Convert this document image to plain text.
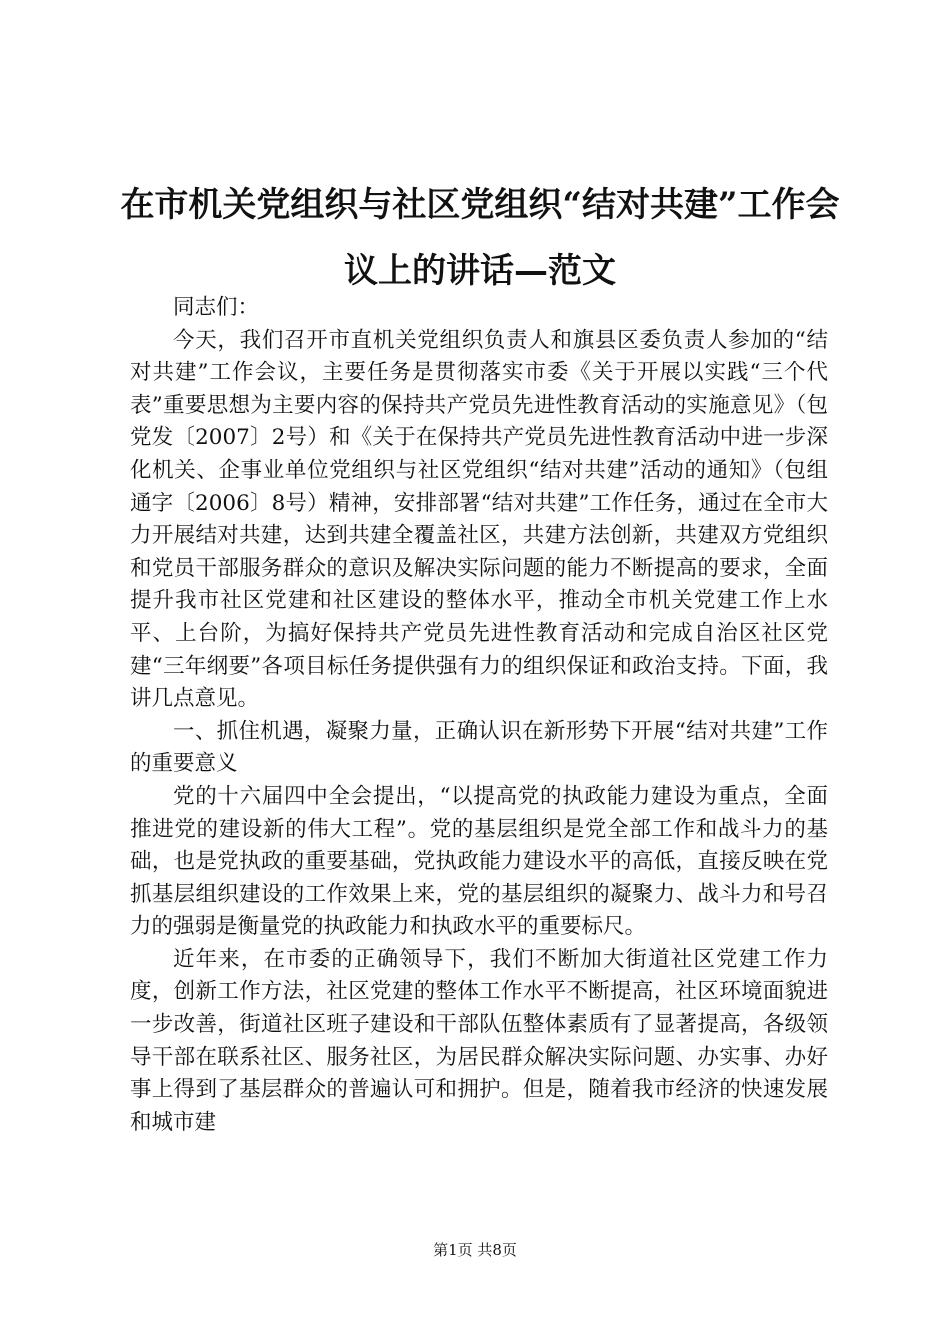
在市机关党组织与社区党组织“结对共建”工作会议上的讲话—范文

同志们：

今天，我们召开市直机关党组织负责人和旗县区委负责人参加的“结对共建”工作会议，主要任务是贯彻落实市委《关于开展以实践“三个代表”重要思想为主要内容的保持共产党员先进性教育活动的实施意见》（包党发〔2007〕2号）和《关于在保持共产党员先进性教育活动中进一步深化机关、企事业单位党组织与社区党组织“结对共建”活动的通知》（包组通字〔2006〕8号）精神，安排部署“结对共建”工作任务，通过在全市大力开展结对共建，达到共建全覆盖社区，共建方法创新，共建双方党组织和党员干部服务群众的意识及解决实际问题的能力不断提高的要求，全面提升我市社区党建和社区建设的整体水平，推动全市机关党建工作上水平、上台阶，为搞好保持共产党员先进性教育活动和完成自治区社区党建“三年纲要”各项目标任务提供强有力的组织保证和政治支持。下面，我讲几点意见。

一、抓住机遇，凝聚力量，正确认识在新形势下开展“结对共建”工作的重要意义

党的十六届四中全会提出，“以提高党的执政能力建设为重点，全面推进党的建设新的伟大工程”。党的基层组织是党全部工作和战斗力的基础，也是党执政的重要基础，党执政能力建设水平的高低，直接反映在党抓基层组织建设的工作效果上来，党的基层组织的凝聚力、战斗力和号召力的强弱是衡量党的执政能力和执政水平的重要标尺。

近年来，在市委的正确领导下，我们不断加大街道社区党建工作力度，创新工作方法，社区党建的整体工作水平不断提高，社区环境面貌进一步改善，街道社区班子建设和干部队伍整体素质有了显著提高，各级领导干部在联系社区、服务社区，为居民群众解决实际问题、办实事、办好事上得到了基层群众的普遍认可和拥护。但是，随着我市经济的快速发展和城市建

第1页 共8页
